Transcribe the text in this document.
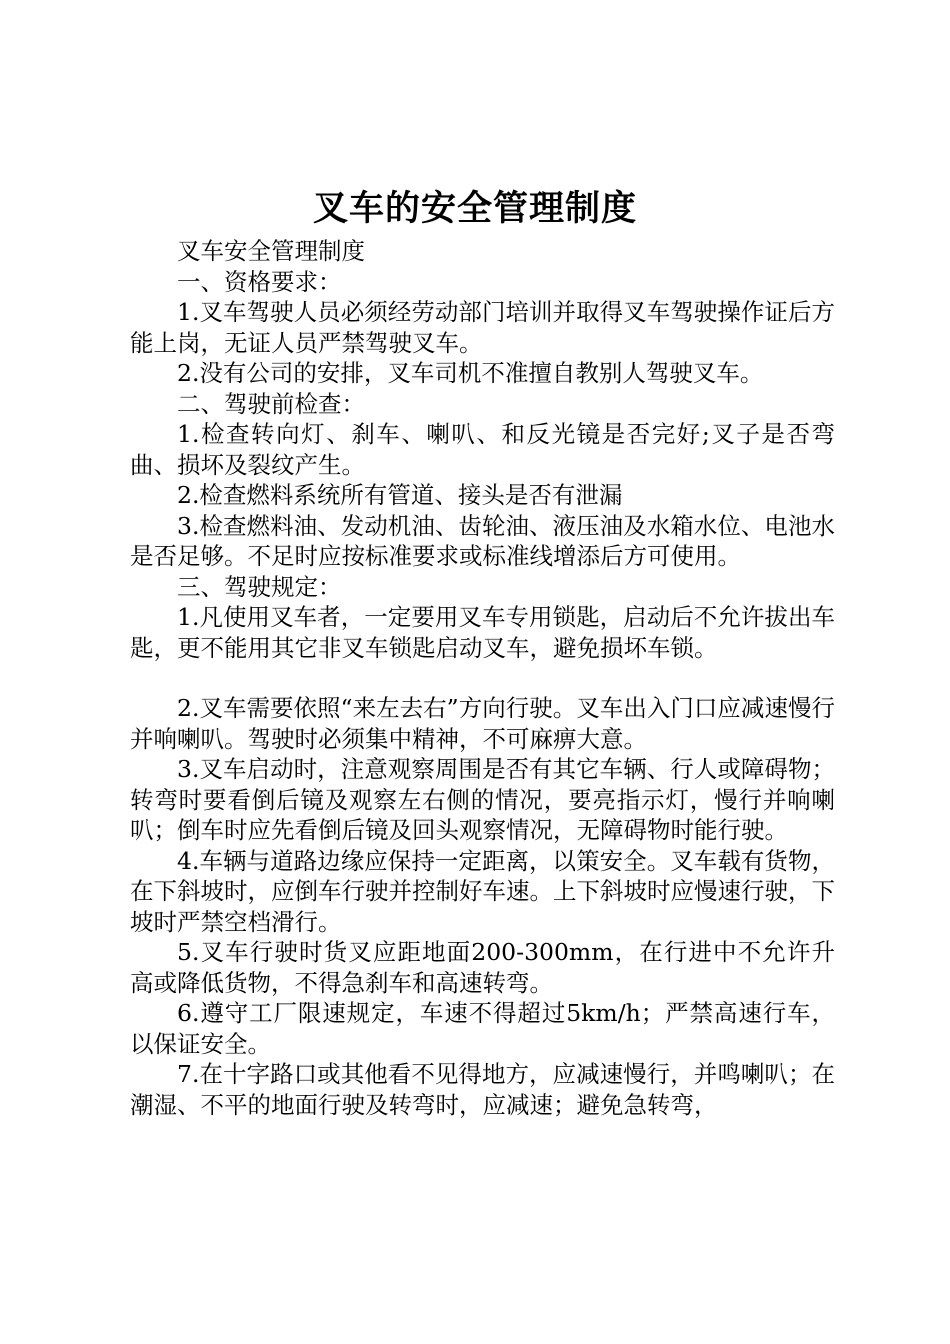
叉车的安全管理制度

叉车安全管理制度

一、资格要求：

1.叉车驾驶人员必须经劳动部门培训并取得叉车驾驶操作证后方能上岗，无证人员严禁驾驶叉车。

2.没有公司的安排，叉车司机不准擅自教别人驾驶叉车。

二、驾驶前检查：

1.检查转向灯、刹车、喇叭、和反光镜是否完好;叉子是否弯曲、损坏及裂纹产生。

2.检查燃料系统所有管道、接头是否有泄漏

3.检查燃料油、发动机油、齿轮油、液压油及水箱水位、电池水是否足够。不足时应按标准要求或标准线增添后方可使用。

三、驾驶规定：

1.凡使用叉车者，一定要用叉车专用锁匙，启动后不允许拔出车匙，更不能用其它非叉车锁匙启动叉车，避免损坏车锁。

2.叉车需要依照“来左去右”方向行驶。叉车出入门口应减速慢行并响喇叭。驾驶时必须集中精神，不可麻痹大意。

3.叉车启动时，注意观察周围是否有其它车辆、行人或障碍物；转弯时要看倒后镜及观察左右侧的情况，要亮指示灯，慢行并响喇叭；倒车时应先看倒后镜及回头观察情况，无障碍物时能行驶。

4.车辆与道路边缘应保持一定距离，以策安全。叉车载有货物，在下斜坡时，应倒车行驶并控制好车速。上下斜坡时应慢速行驶，下坡时严禁空档滑行。

5.叉车行驶时货叉应距地面200-300mm，在行进中不允许升高或降低货物，不得急刹车和高速转弯。

6.遵守工厂限速规定，车速不得超过5km/h；严禁高速行车，以保证安全。

7.在十字路口或其他看不见得地方，应减速慢行，并鸣喇叭；在潮湿、不平的地面行驶及转弯时，应减速；避免急转弯，
